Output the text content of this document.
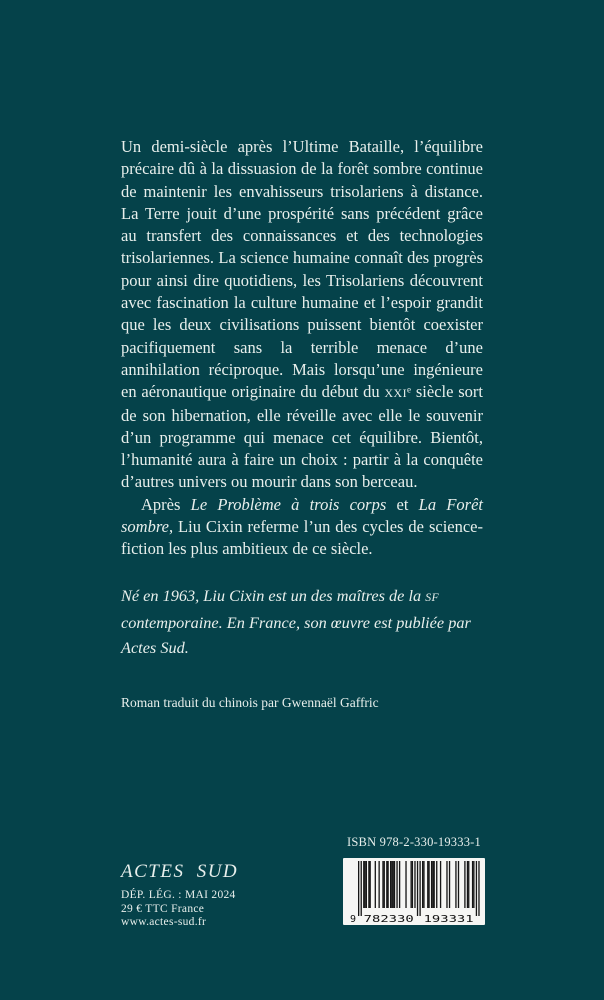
Un demi-siècle après l’Ultime Bataille, l’équilibre précaire dû à la dissuasion de la forêt sombre continue de maintenir les envahisseurs trisolariens à distance. La Terre jouit d’une prospérité sans précédent grâce au transfert des connaissances et des technologies trisolariennes. La science humaine connaît des progrès pour ainsi dire quotidiens, les Trisolariens découvrent avec fascination la culture humaine et l’espoir grandit que les deux civilisations puissent bientôt coexister pacifiquement sans la terrible menace d’une annihilation réciproque. Mais lorsqu’une ingénieure en aéronautique originaire du début du XXIe siècle sort de son hibernation, elle réveille avec elle le souvenir d’un programme qui menace cet équilibre. Bientôt, l’humanité aura à faire un choix : partir à la conquête d’autres univers ou mourir dans son berceau.

Après Le Problème à trois corps et La Forêt sombre, Liu Cixin referme l’un des cycles de science-fiction les plus ambitieux de ce siècle.

Né en 1963, Liu Cixin est un des maîtres de la SF contemporaine. En France, son œuvre est publiée par Actes Sud.
Roman traduit du chinois par Gwennaël Gaffric
ISBN 978-2-330-19333-1
9 782330 193331
ACTES SUD
DÉP. LÉG. : MAI 2024
29 € TTC France
www.actes-sud.fr
